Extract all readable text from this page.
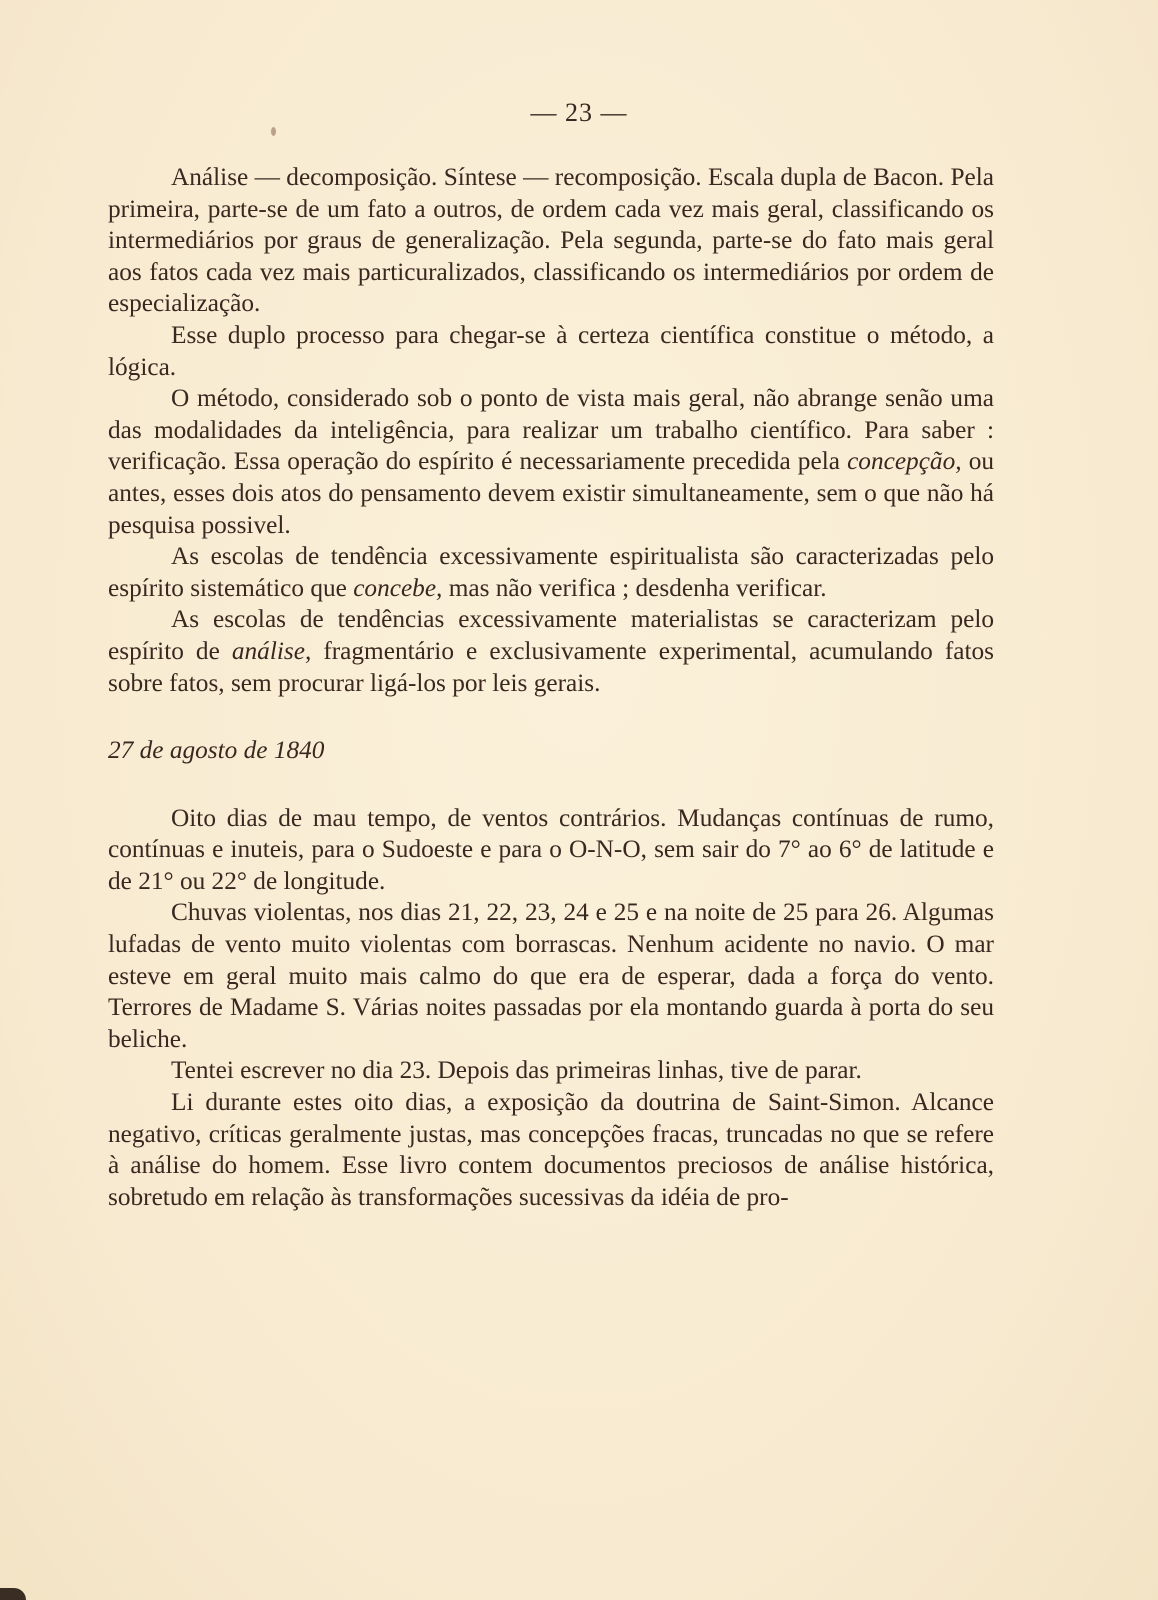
— 23 —

Análise — decomposição. Síntese — recomposição. Escala dupla de Bacon. Pela primeira, parte-se de um fato a outros, de ordem cada vez mais geral, classificando os intermediários por graus de generalização. Pela segunda, parte-se do fato mais geral aos fatos cada vez mais particuralizados, classificando os intermediários por ordem de especialização.

Esse duplo processo para chegar-se à certeza científica constitue o método, a lógica.

O método, considerado sob o ponto de vista mais geral, não abrange senão uma das modalidades da inteligência, para realizar um trabalho científico. Para saber : verificação. Essa operação do espírito é necessariamente precedida pela concepção, ou antes, esses dois atos do pensamento devem existir simultaneamente, sem o que não há pesquisa possivel.

As escolas de tendência excessivamente espiritualista são caracterizadas pelo espírito sistemático que concebe, mas não verifica ; desdenha verificar.

As escolas de tendências excessivamente materialistas se caracterizam pelo espírito de análise, fragmentário e exclusivamente experimental, acumulando fatos sobre fatos, sem procurar ligá-los por leis gerais.

27 de agosto de 1840

Oito dias de mau tempo, de ventos contrários. Mudanças contínuas de rumo, contínuas e inuteis, para o Sudoeste e para o O-N-O, sem sair do 7° ao 6° de latitude e de 21° ou 22° de longitude.

Chuvas violentas, nos dias 21, 22, 23, 24 e 25 e na noite de 25 para 26. Algumas lufadas de vento muito violentas com borrascas. Nenhum acidente no navio. O mar esteve em geral muito mais calmo do que era de esperar, dada a força do vento. Terrores de Madame S. Várias noites passadas por ela montando guarda à porta do seu beliche.

Tentei escrever no dia 23. Depois das primeiras linhas, tive de parar.

Li durante estes oito dias, a exposição da doutrina de Saint-Simon. Alcance negativo, críticas geralmente justas, mas concepções fracas, truncadas no que se refere à análise do homem. Esse livro contem documentos preciosos de análise histórica, sobretudo em relação às transformações sucessivas da idéia de pro-
